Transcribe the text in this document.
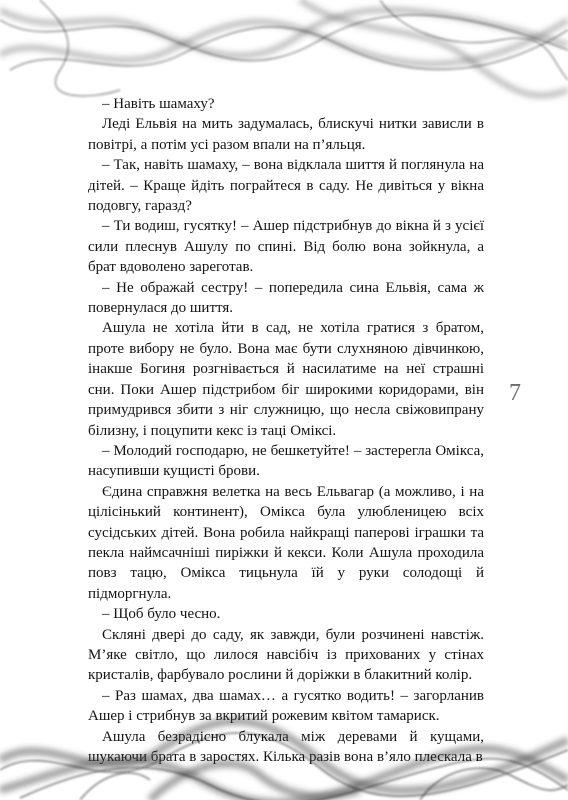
– Навіть шамаху?

Леді Ельвія на мить задумалась, блискучі нитки зависли в повітрі, а потім усі разом впали на п’яльця.

– Так, навіть шамаху, – вона відклала шиття й поглянула на дітей. – Краще йдіть пограйтеся в саду. Не дивіться у вікна подовгу, гаразд?

– Ти водиш, гусятку! – Ашер підстрибнув до вікна й з усієї сили плеснув Ашулу по спині. Від болю вона зойкнула, а брат вдоволено зареготав.

– Не ображай сестру! – попередила сина Ельвія, сама ж повернулася до шиття.

Ашула не хотіла йти в сад, не хотіла гратися з братом, проте вибору не було. Вона має бути слухняною дівчинкою, інакше Богиня розгнівається й насилатиме на неї страшні сни. Поки Ашер підстрибом біг широкими коридорами, він примудрився збити з ніг служницю, що несла свіжовипрану білизну, і поцупити кекс із таці Оміксі.

– Молодий господарю, не бешкетуйте! – застерегла Омікса, насупивши кущисті брови.

Єдина справжня велетка на весь Ельвагар (а можливо, і на цілісінький континент), Омікса була улюбленицею всіх сусідських дітей. Вона робила найкращі паперові іграшки та пекла наймсачніші пиріжки й кекси. Коли Ашула проходила повз тацю, Омікса тицьнула їй у руки солодощі й підморгнула.

– Щоб було чесно.

Скляні двері до саду, як завжди, були розчинені навстіж. М’яке світло, що лилося навсібіч із прихованих у стінах кристалів, фарбувало рослини й доріжки в блакитний колір.

– Раз шамах, два шамах… а гусятко водить! – загорланив Ашер і стрибнув за вкритий рожевим квітом тамариск.

Ашула безрадісно блукала між деревами й кущами, шукаючи брата в заростях. Кілька разів вона в’яло плескала в

7
